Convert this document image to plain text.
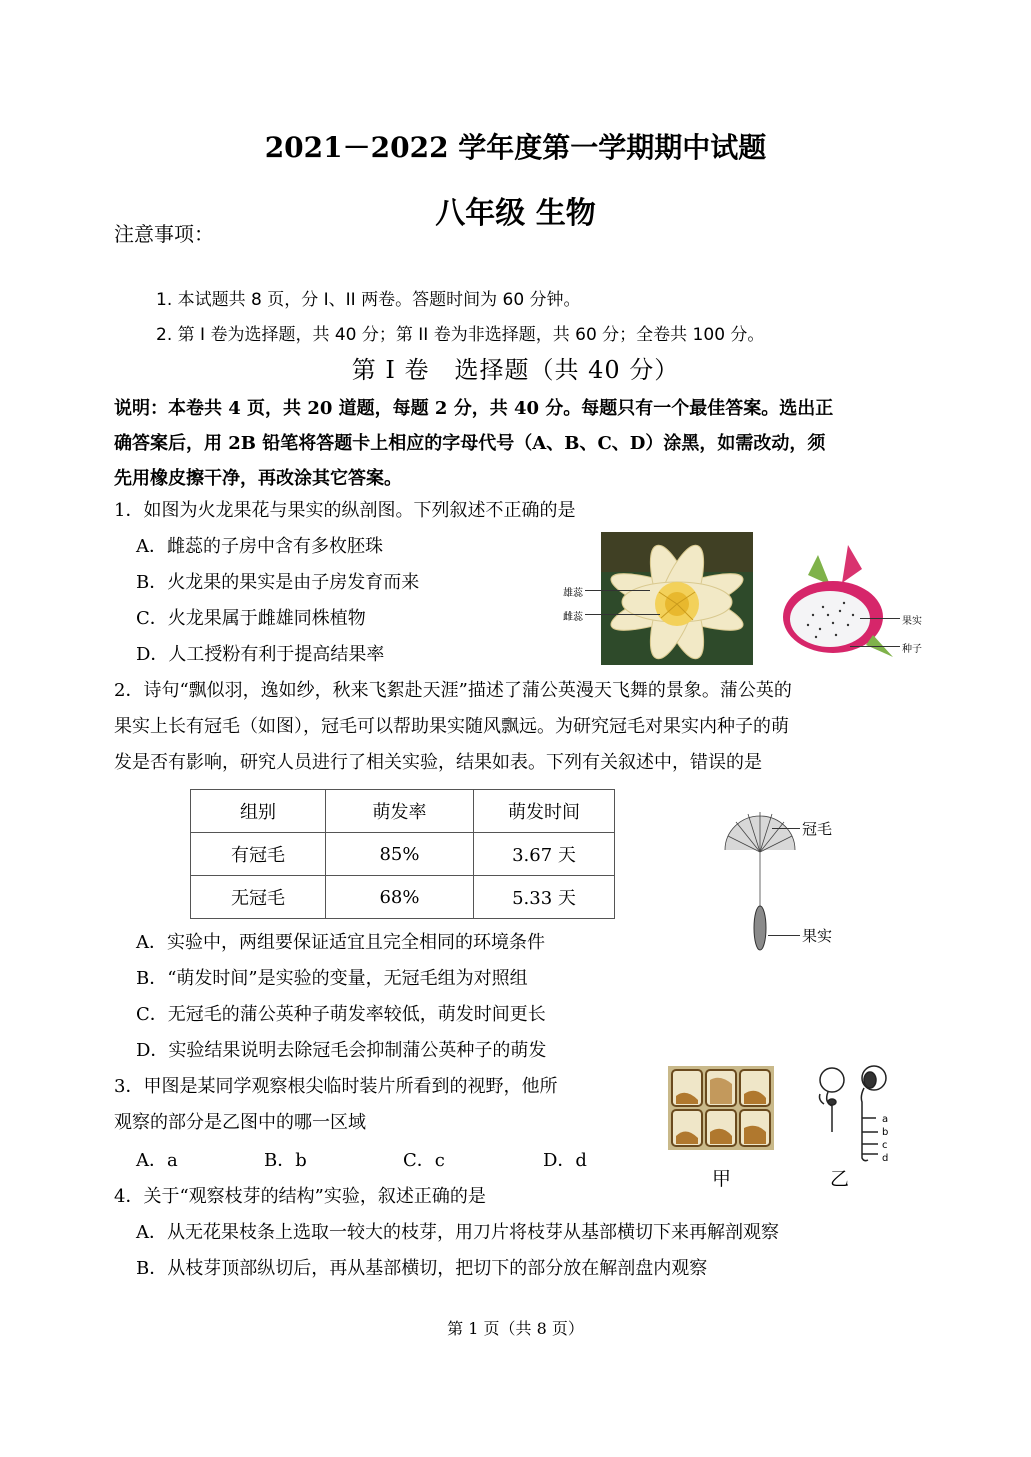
2021－2022 学年度第一学期期中试题
八年级 生物
注意事项：
1. 本试题共 8 页，分 I、II 两卷。答题时间为 60 分钟。
2. 第 I 卷为选择题，共 40 分；第 II 卷为非选择题，共 60 分；全卷共 100 分。
第 I 卷　选择题（共 40 分）
说明：本卷共 4 页，共 20 道题，每题 2 分，共 40 分。每题只有一个最佳答案。选出正
确答案后，用 2B 铅笔将答题卡上相应的字母代号（A、B、C、D）涂黑，如需改动，须
先用橡皮擦干净，再改涂其它答案。
1．如图为火龙果花与果实的纵剖图。下列叙述不正确的是
A．雌蕊的子房中含有多枚胚珠
B．火龙果的果实是由子房发育而来
C．火龙果属于雌雄同株植物
D．人工授粉有利于提高结果率
雄蕊
雌蕊	果实
种子
2．诗句“飘似羽，逸如纱，秋来飞絮赴天涯”描述了蒲公英漫天飞舞的景象。蒲公英的
果实上长有冠毛（如图），冠毛可以帮助果实随风飘远。为研究冠毛对果实内种子的萌
发是否有影响，研究人员进行了相关实验，结果如表。下列有关叙述中，错误的是
组别	萌发率	萌发时间
有冠毛	85%	3.67 天
无冠毛	68%	5.33 天
冠毛
果实
A．实验中，两组要保证适宜且完全相同的环境条件
B．“萌发时间”是实验的变量，无冠毛组为对照组
C．无冠毛的蒲公英种子萌发率较低，萌发时间更长
D．实验结果说明去除冠毛会抑制蒲公英种子的萌发
3．甲图是某同学观察根尖临时装片所看到的视野，他所
观察的部分是乙图中的哪一区域
A．a	B．b	C．c	D．d
a
b
c
d
甲	乙
4．关于“观察枝芽的结构”实验，叙述正确的是
A．从无花果枝条上选取一较大的枝芽，用刀片将枝芽从基部横切下来再解剖观察
B．从枝芽顶部纵切后，再从基部横切，把切下的部分放在解剖盘内观察
第 1 页（共 8 页）
